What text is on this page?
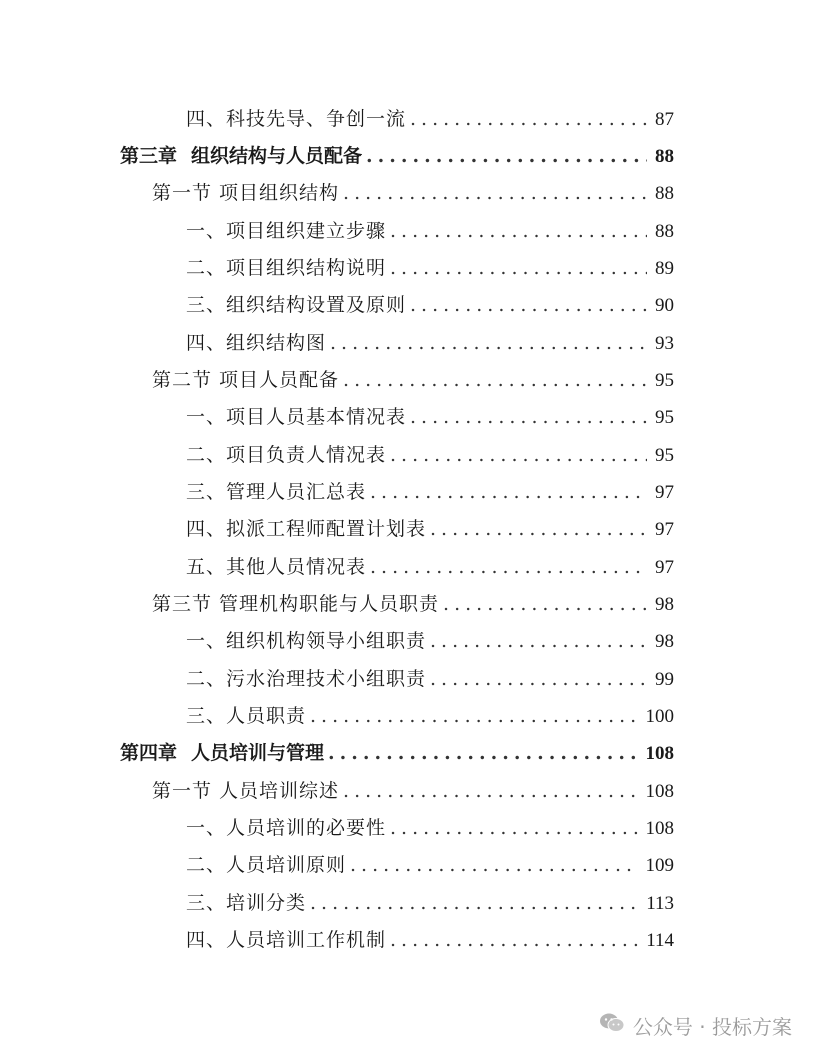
四、科技先导、争创一流 .....	87
第三章 组织结构与人员配备 .....	88
第一节 项目组织结构 .....	88
一、项目组织建立步骤 .....	88
二、项目组织结构说明 .....	89
三、组织结构设置及原则 .....	90
四、组织结构图 .....	93
第二节 项目人员配备 .....	95
一、项目人员基本情况表 .....	95
二、项目负责人情况表 .....	95
三、管理人员汇总表 .....	97
四、拟派工程师配置计划表 .....	97
五、其他人员情况表 .....	97
第三节 管理机构职能与人员职责 .....	98
一、组织机构领导小组职责 .....	98
二、污水治理技术小组职责 .....	99
三、人员职责 .....	100
第四章 人员培训与管理 .....	108
第一节 人员培训综述 .....	108
一、人员培训的必要性 .....	108
二、人员培训原则 .....	109
三、培训分类 .....	113
四、人员培训工作机制 .....	114
公众号 · 投标方案
